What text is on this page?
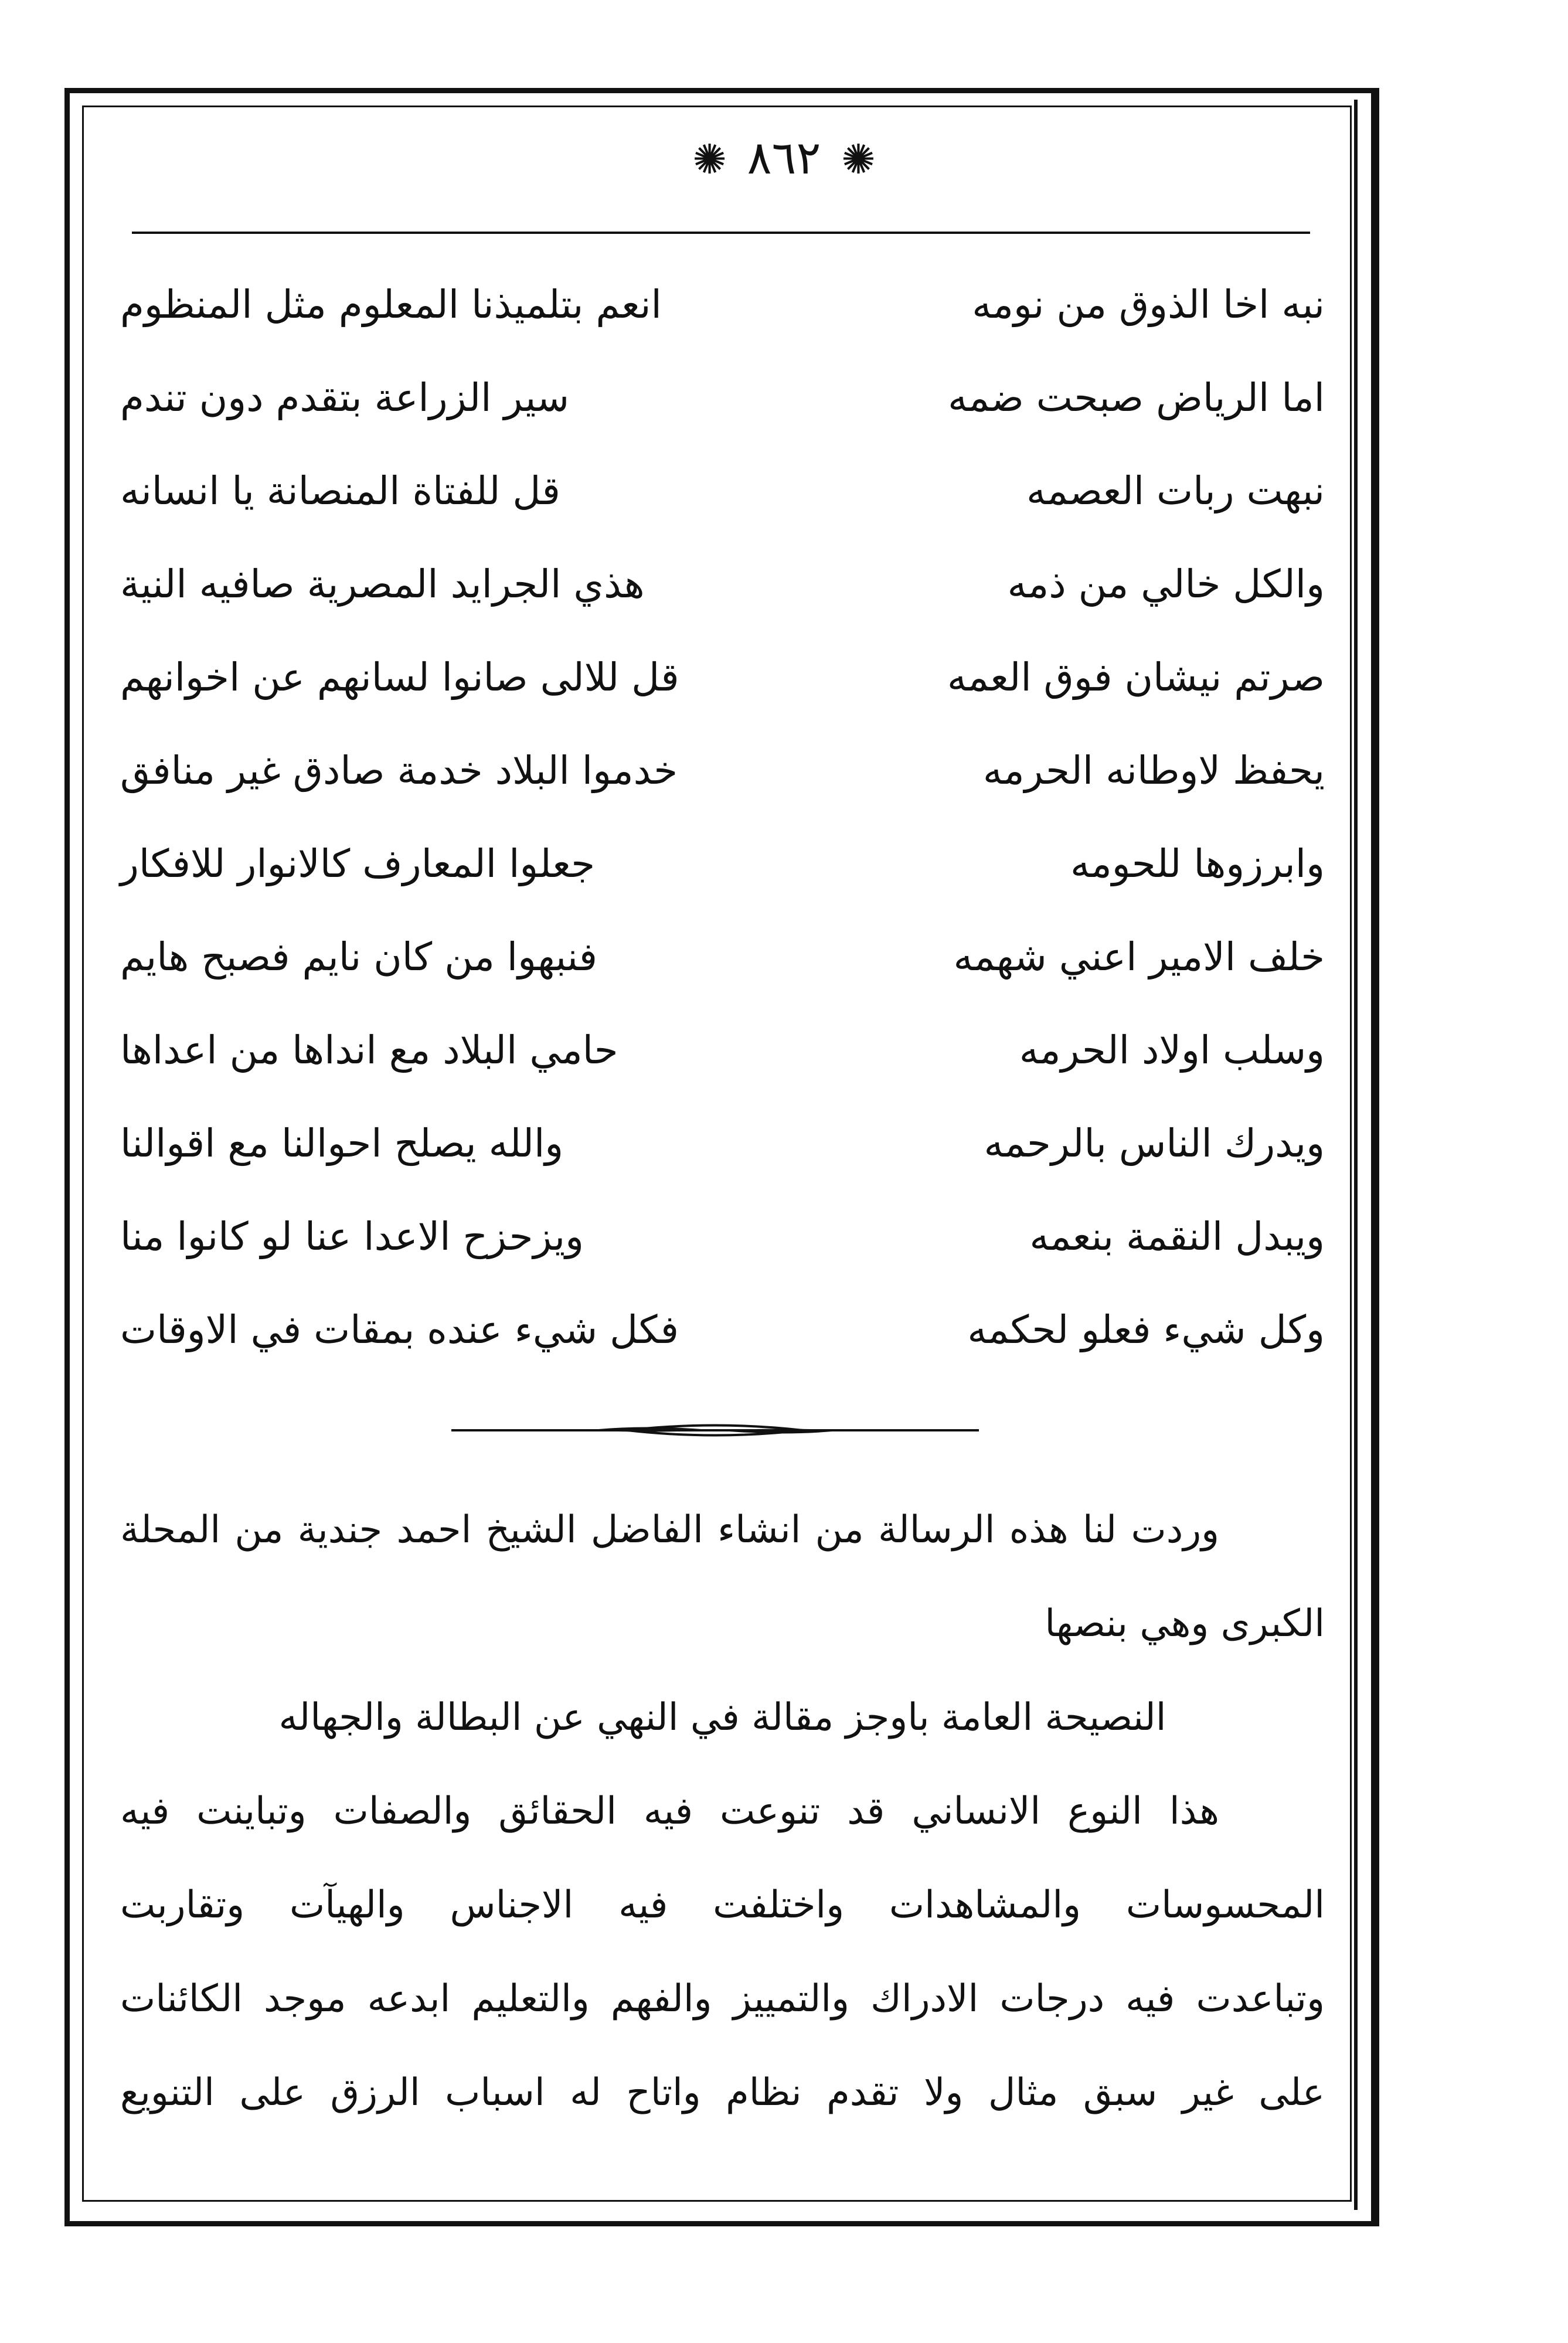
✺ ٨٦٢ ✺
نبه اخا الذوق من نومه
انعم بتلميذنا المعلوم مثل المنظوم
اما الرياض صبحت ضمه
سير الزراعة بتقدم دون تندم
نبهت ربات العصمه
قل للفتاة المنصانة يا انسانه
والكل خالي من ذمه
هذي الجرايد المصرية صافيه النية
صرتم نيشان فوق العمه
قل للالى صانوا لسانهم عن اخوانهم
يحفظ لاوطانه الحرمه
خدموا البلاد خدمة صادق غير منافق
وابرزوها للحومه
جعلوا المعارف كالانوار للافكار
خلف الامير اعني شهمه
فنبهوا من كان نايم فصبح هايم
وسلب اولاد الحرمه
حامي البلاد مع انداها من اعداها
ويدرك الناس بالرحمه
والله يصلح احوالنا مع اقوالنا
ويبدل النقمة بنعمه
ويزحزح الاعدا عنا لو كانوا منا
وكل شيء فعلو لحكمه
فكل شيء عنده بمقات في الاوقات
وردت لنا هذه الرسالة من انشاء الفاضل الشيخ احمد جندية من المحلة
الكبرى وهي بنصها
النصيحة العامة باوجز مقالة في النهي عن البطالة والجهاله
هذا النوع الانساني قد تنوعت فيه الحقائق والصفات وتباينت فيه
المحسوسات والمشاهدات واختلفت فيه الاجناس والهيآت وتقاربت
وتباعدت فيه درجات الادراك والتمييز والفهم والتعليم ابدعه موجد الكائنات
على غير سبق مثال ولا تقدم نظام واتاح له اسباب الرزق على التنويع
